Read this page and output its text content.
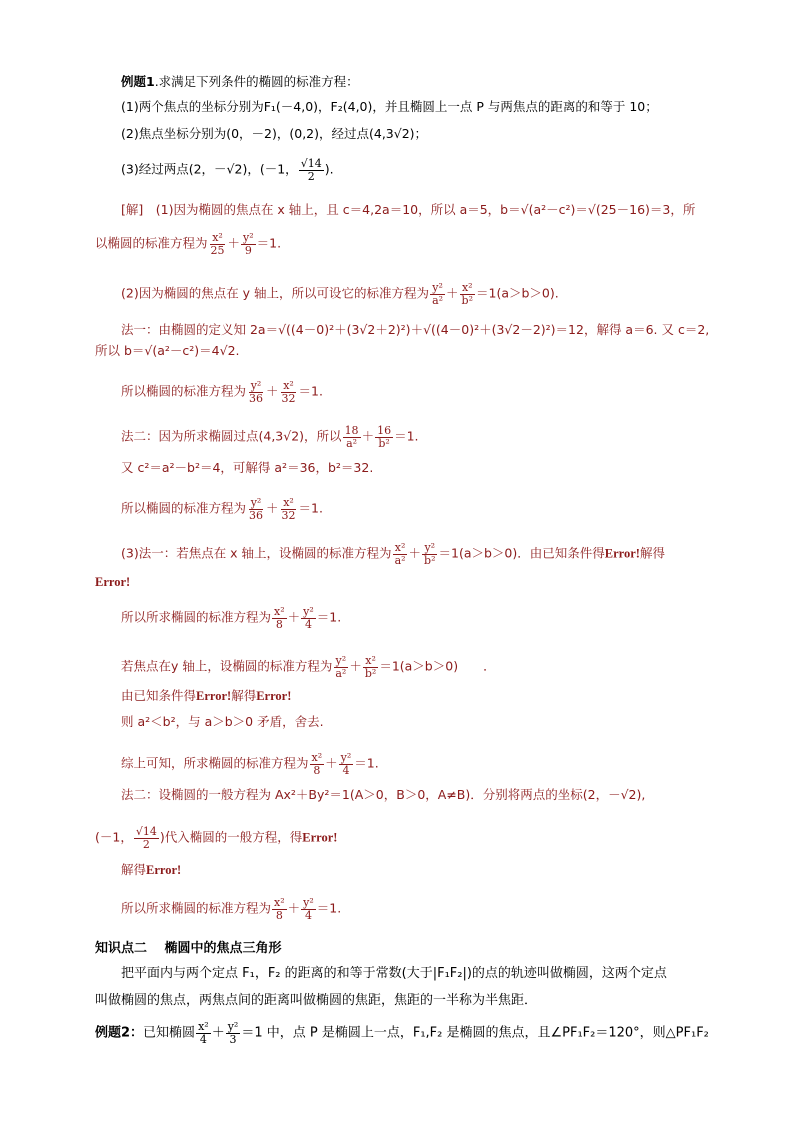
例题1.求满足下列条件的椭圆的标准方程：
(1)两个焦点的坐标分别为F₁(－4,0)，F₂(4,0)，并且椭圆上一点 P 与两焦点的距离的和等于 10；
(2)焦点坐标分别为(0，－2)，(0,2)，经过点(4,3√2)；
(3)经过两点(2，－√2)，(－1， $\frac{√14}{2}$ ).
[解]　(1)因为椭圆的焦点在 x 轴上，且 c＝4,2a＝10，所以 a＝5，b＝√(a²－c²)＝√(25－16)＝3，所
以椭圆的标准方程为 $\frac{\text{x²}}{25} + \frac{\text{y²}}{9} =1$.
(2)因为椭圆的焦点在 y 轴上，所以可设它的标准方程为 $\frac{\text{y²}}{\text{a²}} + \frac{\text{x²}}{\text{b²}} =1(a>b>0)$.
法一：由椭圆的定义知 2a＝√((4－0)²＋(3√2＋2)²)＋√((4－0)²＋(3√2－2)²)＝12，解得 a＝6. 又 c＝2,
所以 b＝√(a²－c²)＝4√2.
所以椭圆的标准方程为 $\frac{\text{y²}}{36} + \frac{\text{x²}}{32} =1$.
法二：因为所求椭圆过点(4,3√2)，所以 $\frac{18}{\text{a²}} + \frac{16}{\text{b²}} =1$.
又 c²＝a²－b²＝4，可解得 a²＝36，b²＝32.
所以椭圆的标准方程为 $\frac{\text{y²}}{36} + \frac{\text{x²}}{32} =1$.
(3)法一：若焦点在 x 轴上，设椭圆的标准方程为 $\frac{\text{x²}}{\text{a²}} + \frac{\text{y²}}{\text{b²}} =1(a>b>0)$．由已知条件得Error!解得
Error!
所以所求椭圆的标准方程为 $\frac{\text{x²}}{8} + \frac{\text{y²}}{4} =1$.
若焦点在y 轴上，设椭圆的标准方程为 $\frac{\text{y²}}{\text{a²}} + \frac{\text{x²}}{\text{b²}} =1(a>b>0)$　　．
由已知条件得Error!解得Error!
则 a²＜b²，与 a＞b＞0 矛盾，舍去.
综上可知，所求椭圆的标准方程为 $\frac{\text{x²}}{8} + \frac{\text{y²}}{4} =1$.
法二：设椭圆的一般方程为 Ax²＋By²＝1(A＞0，B＞0，A≠B)．分别将两点的坐标(2，－√2),
(－1， $\frac{√14}{2}$ )代入椭圆的一般方程，得Error!
解得Error!
所以所求椭圆的标准方程为 $\frac{\text{x²}}{8} + \frac{\text{y²}}{4} =1$.
知识点二　 椭圆中的焦点三角形
把平面内与两个定点 F₁，F₂ 的距离的和等于常数(大于|F₁F₂|)的点的轨迹叫做椭圆，这两个定点
叫做椭圆的焦点，两焦点间的距离叫做椭圆的焦距，焦距的一半称为半焦距．
例题2：已知椭圆 $\frac{\text{x²}}{4} + \frac{\text{y²}}{3} =1$ 中，点 P 是椭圆上一点，F₁,F₂ 是椭圆的焦点，且∠PF₁F₂＝120°，则△PF₁F₂
